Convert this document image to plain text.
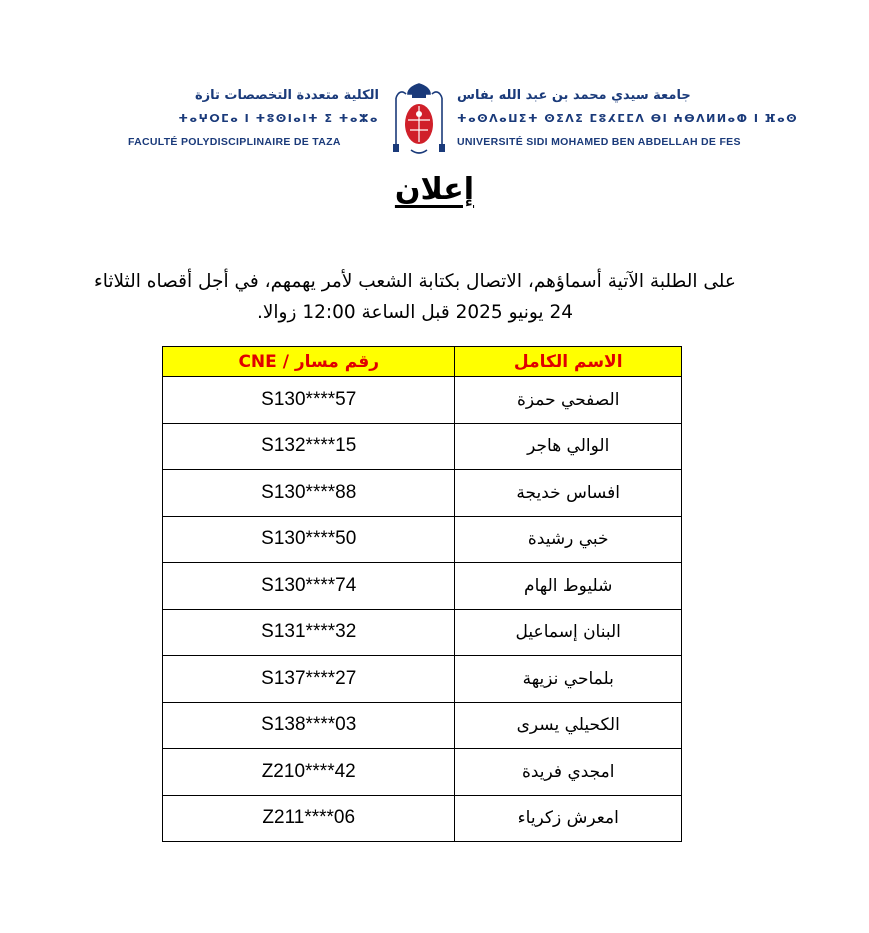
الكلية متعددة التخصصات تازة
ⵜⴰⵖⵔⵎⴰ ⵏ ⵜⵓⵙⵏⴰⵏⵜ ⵉ ⵜⴰⵣⴰ
FACULTÉ POLYDISCIPLINAIRE DE TAZA
جامعة سيدي محمد بن عبد الله بفاس
ⵜⴰⵙⴷⴰⵡⵉⵜ ⵙⵉⴷⵉ ⵎⵓⵃⵎⵎⴷ ⴱⵏ ⵄⴱⴷⵍⵍⴰⵀ ⵏ ⴼⴰⵙ
UNIVERSITÉ SIDI MOHAMED BEN ABDELLAH DE FES
إعلان
على الطلبة الآتية أسماؤهم، الاتصال بكتابة الشعب لأمر يهمهم، في أجل أقصاه الثلاثاء
24 يونيو 2025 قبل الساعة 12:00 زوالا.
رقم مسار / CNE	الاسم الكامل
S130****57	الصفحي حمزة
S132****15	الوالي هاجر
S130****88	افساس خديجة
S130****50	خبي رشيدة
S130****74	شليوط الهام
S131****32	البنان إسماعيل
S137****27	بلماحي نزيهة
S138****03	الكحيلي يسرى
Z210****42	امجدي فريدة
Z211****06	امعرش زكرياء
